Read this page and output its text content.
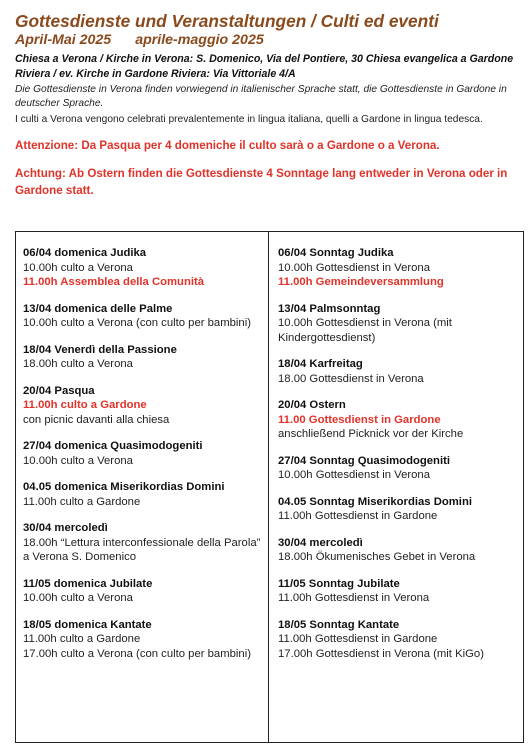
Gottesdienste und Veranstaltungen / Culti ed eventi
April-Mai 2025 aprile-maggio 2025
Chiesa a Verona / Kirche in Verona: S. Domenico, Via del Pontiere, 30 Chiesa evangelica a Gardone Riviera / ev. Kirche in Gardone Riviera: Via Vittoriale 4/A
Die Gottesdienste in Verona finden vorwiegend in italienischer Sprache statt, die Gottesdienste in Gardone in deutscher Sprache.
I culti a Verona vengono celebrati prevalentemente in lingua italiana, quelli a Gardone in lingua tedesca.
Attenzione: Da Pasqua per 4 domeniche il culto sarà o a Gardone o a Verona.
Achtung: Ab Ostern finden die Gottesdienste 4 Sonntage lang entweder in Verona oder in Gardone statt.
06/04 domenica Judika
10.00h culto a Verona
11.00h Assemblea della Comunità
13/04 domenica delle Palme
10.00h culto a Verona (con culto per bambini)
18/04 Venerdì della Passione
18.00h culto a Verona
20/04 Pasqua
11.00h culto a Gardone
con picnic davanti alla chiesa
27/04 domenica Quasimodogeniti
10.00h culto a Verona
04.05 domenica Miserikordias Domini
11.00h culto a Gardone
30/04 mercoledì
18.00h “Lettura interconfessionale della Parola” a Verona S. Domenico
11/05 domenica Jubilate
10.00h culto a Verona
18/05 domenica Kantate
11.00h culto a Gardone
17.00h culto a Verona (con culto per bambini)
06/04 Sonntag Judika
10.00h Gottesdienst in Verona
11.00h Gemeindeversammlung
13/04 Palmsonntag
10.00h Gottesdienst in Verona (mit Kindergottesdienst)
18/04 Karfreitag
18.00 Gottesdienst in Verona
20/04 Ostern
11.00 Gottesdienst in Gardone
anschließend Picknick vor der Kirche
27/04 Sonntag Quasimodogeniti
10.00h Gottesdienst in Verona
04.05 Sonntag Miserikordias Domini
11.00h Gottesdienst in Gardone
30/04 mercoledì
18.00h Ökumenisches Gebet in Verona
11/05 Sonntag Jubilate
11.00h Gottesdienst in Verona
18/05 Sonntag Kantate
11.00h Gottesdienst in Gardone
17.00h Gottesdienst in Verona (mit KiGo)
